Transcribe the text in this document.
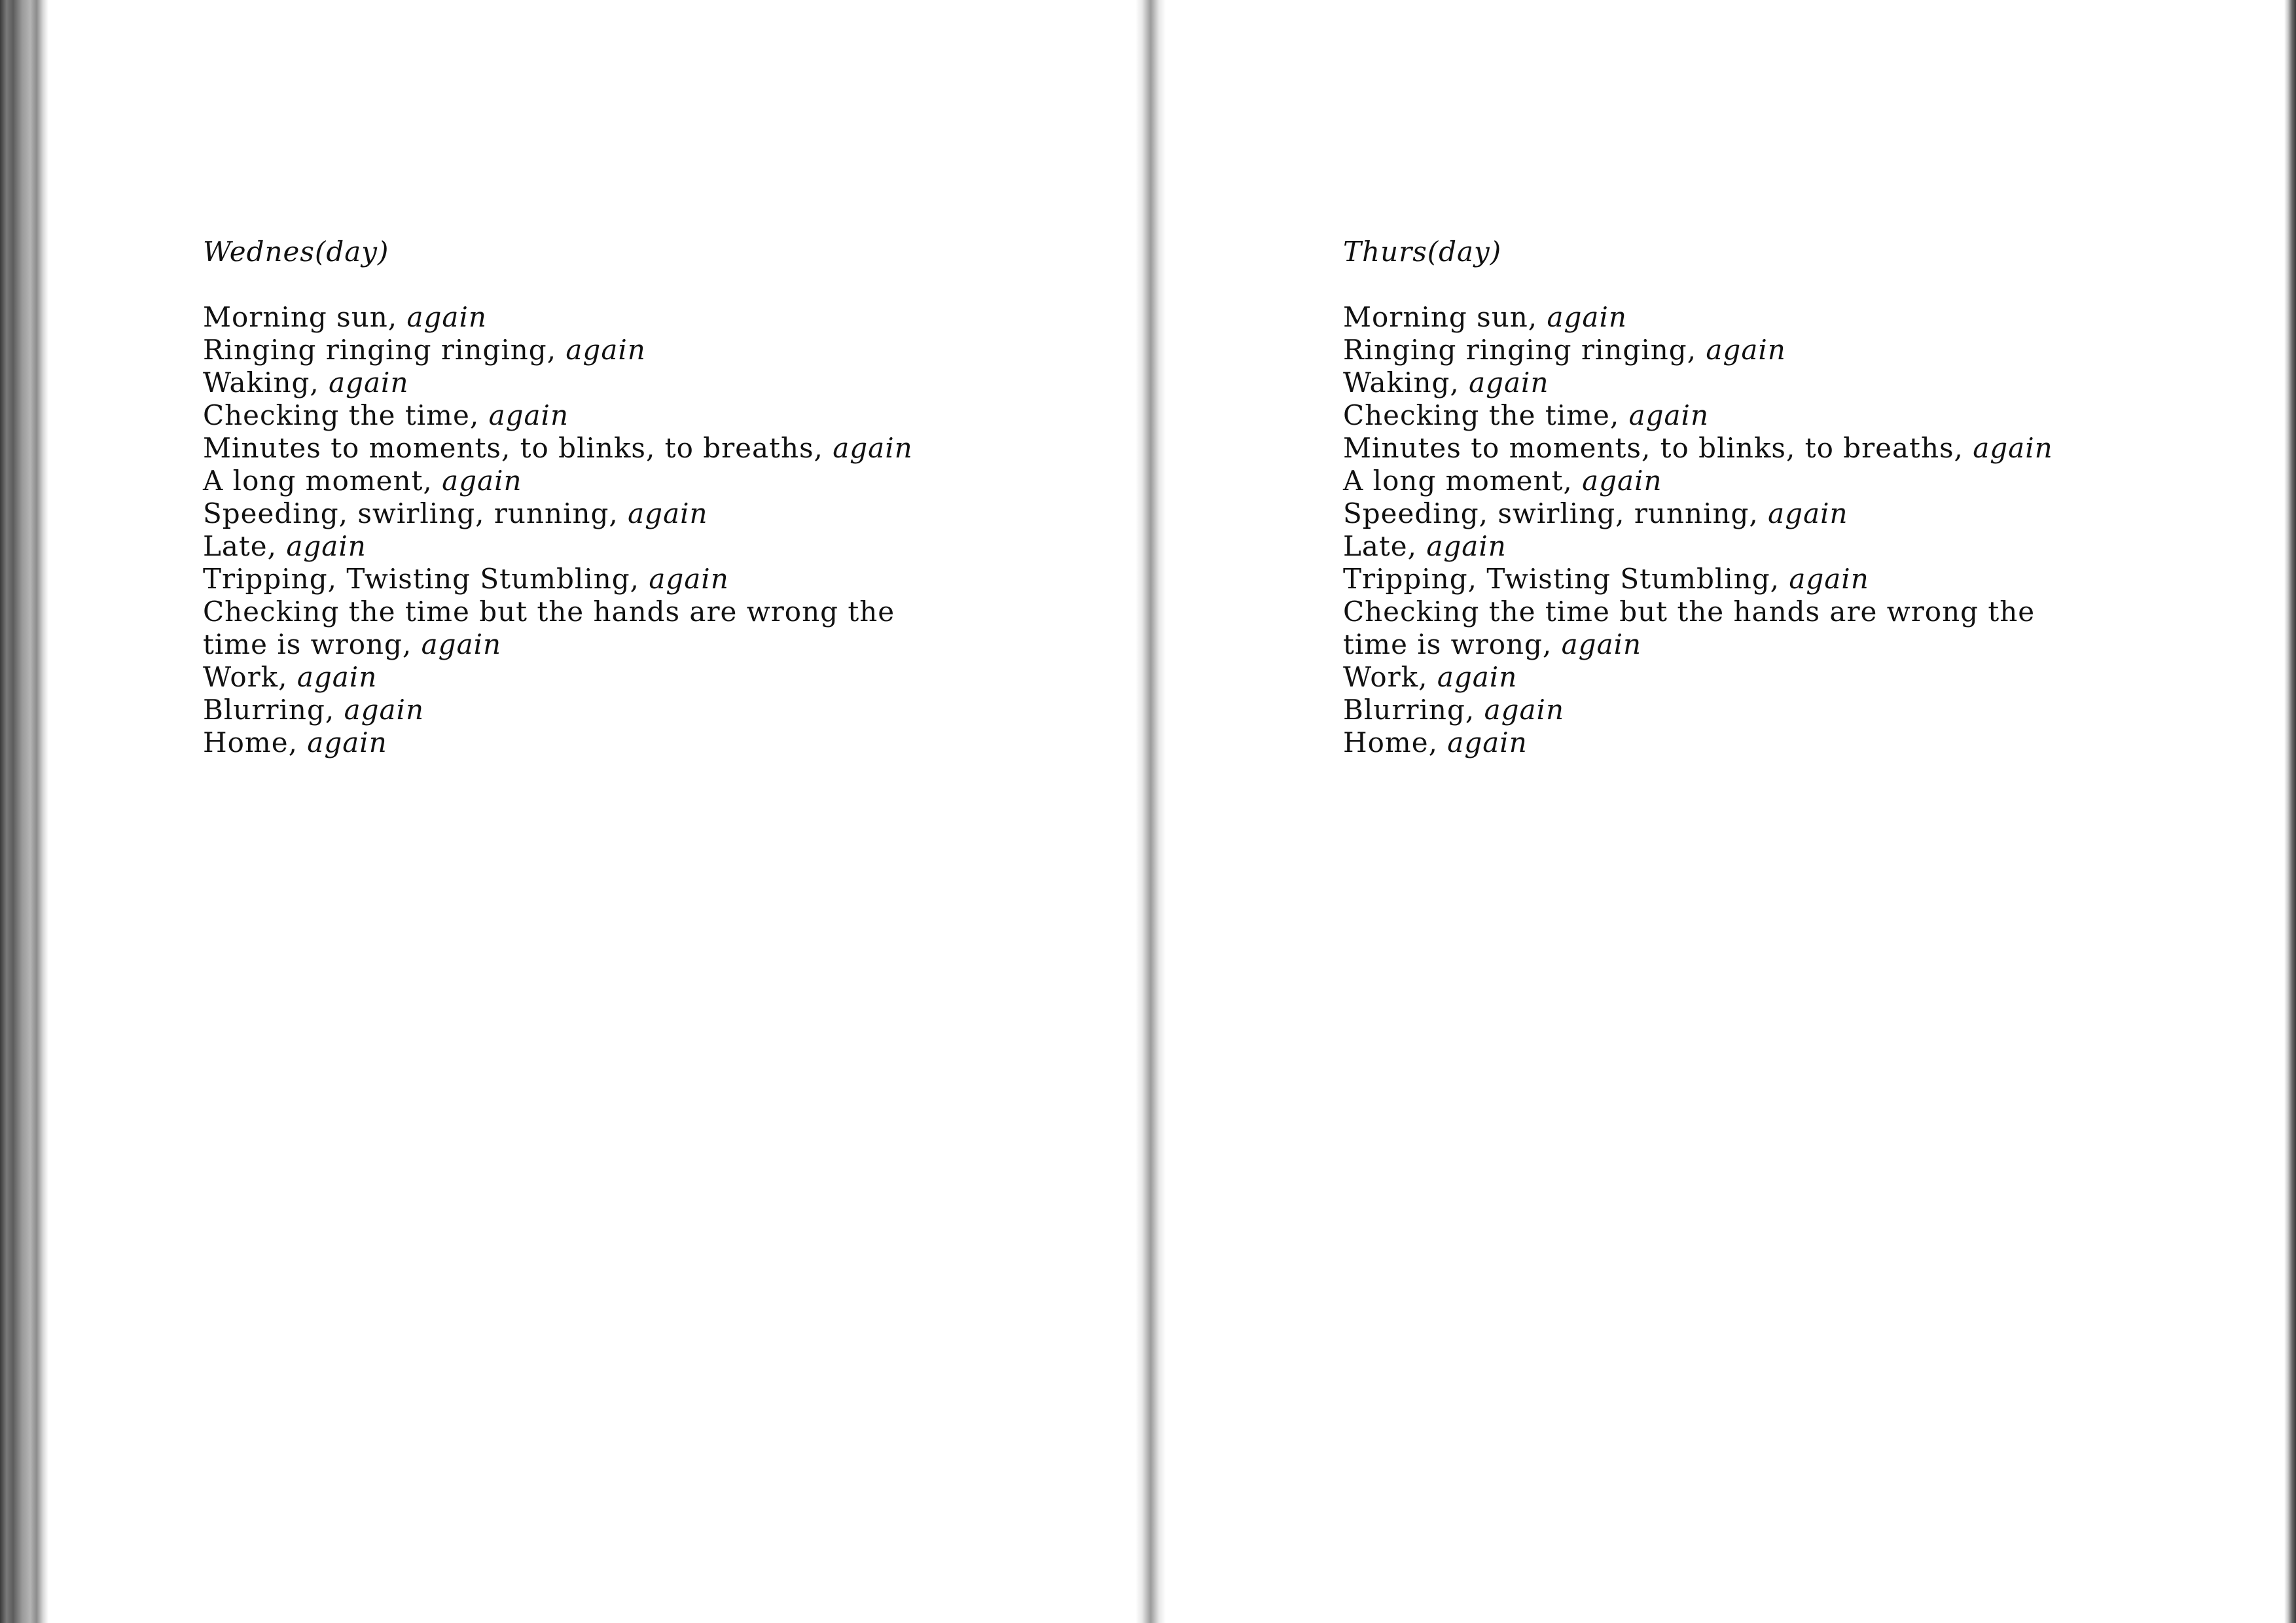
Wednes(day)
Morning sun, again
Ringing ringing ringing, again
Waking, again
Checking the time, again
Minutes to moments, to blinks, to breaths, again
A long moment, again
Speeding, swirling, running, again
Late, again
Tripping, Twisting Stumbling, again
Checking the time but the hands are wrong the
time is wrong, again
Work, again
Blurring, again
Home, again
Thurs(day)
Morning sun, again
Ringing ringing ringing, again
Waking, again
Checking the time, again
Minutes to moments, to blinks, to breaths, again
A long moment, again
Speeding, swirling, running, again
Late, again
Tripping, Twisting Stumbling, again
Checking the time but the hands are wrong the
time is wrong, again
Work, again
Blurring, again
Home, again
